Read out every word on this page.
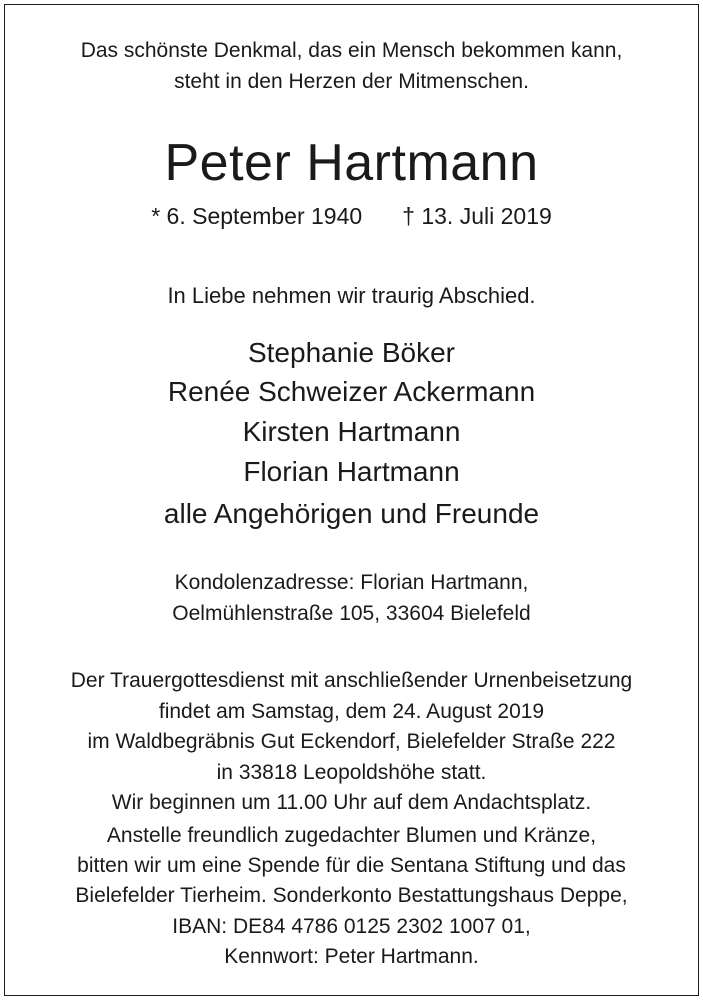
Das schönste Denkmal, das ein Mensch bekommen kann,
steht in den Herzen der Mitmenschen.
Peter Hartmann
* 6. September 1940 † 13. Juli 2019
In Liebe nehmen wir traurig Abschied.
Stephanie Böker
Renée Schweizer Ackermann
Kirsten Hartmann
Florian Hartmann
alle Angehörigen und Freunde
Kondolenzadresse: Florian Hartmann,
Oelmühlenstraße 105, 33604 Bielefeld
Der Trauergottesdienst mit anschließender Urnenbeisetzung
findet am Samstag, dem 24. August 2019
im Waldbegräbnis Gut Eckendorf, Bielefelder Straße 222
in 33818 Leopoldshöhe statt.
Wir beginnen um 11.00 Uhr auf dem Andachtsplatz.
Anstelle freundlich zugedachter Blumen und Kränze,
bitten wir um eine Spende für die Sentana Stiftung und das
Bielefelder Tierheim. Sonderkonto Bestattungshaus Deppe,
IBAN: DE84 4786 0125 2302 1007 01,
Kennwort: Peter Hartmann.
